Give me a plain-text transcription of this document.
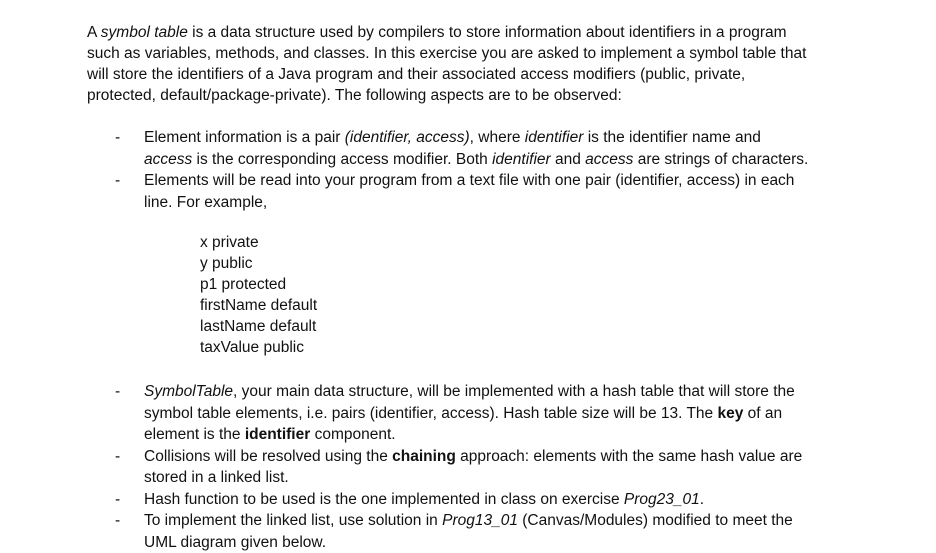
A symbol table is a data structure used by compilers to store information about identifiers in a program
such as variables, methods, and classes. In this exercise you are asked to implement a symbol table that
will store the identifiers of a Java program and their associated access modifiers (public, private,
protected, default/package-private). The following aspects are to be observed:
- Element information is a pair (identifier, access), where identifier is the identifier name and
access is the corresponding access modifier. Both identifier and access are strings of characters.
- Elements will be read into your program from a text file with one pair (identifier, access) in each
line. For example,
x private
y public
p1 protected
firstName default
lastName default
taxValue public
- SymbolTable, your main data structure, will be implemented with a hash table that will store the
symbol table elements, i.e. pairs (identifier, access). Hash table size will be 13. The key of an
element is the identifier component.
- Collisions will be resolved using the chaining approach: elements with the same hash value are
stored in a linked list.
- Hash function to be used is the one implemented in class on exercise Prog23_01.
- To implement the linked list, use solution in Prog13_01 (Canvas/Modules) modified to meet the
UML diagram given below.
